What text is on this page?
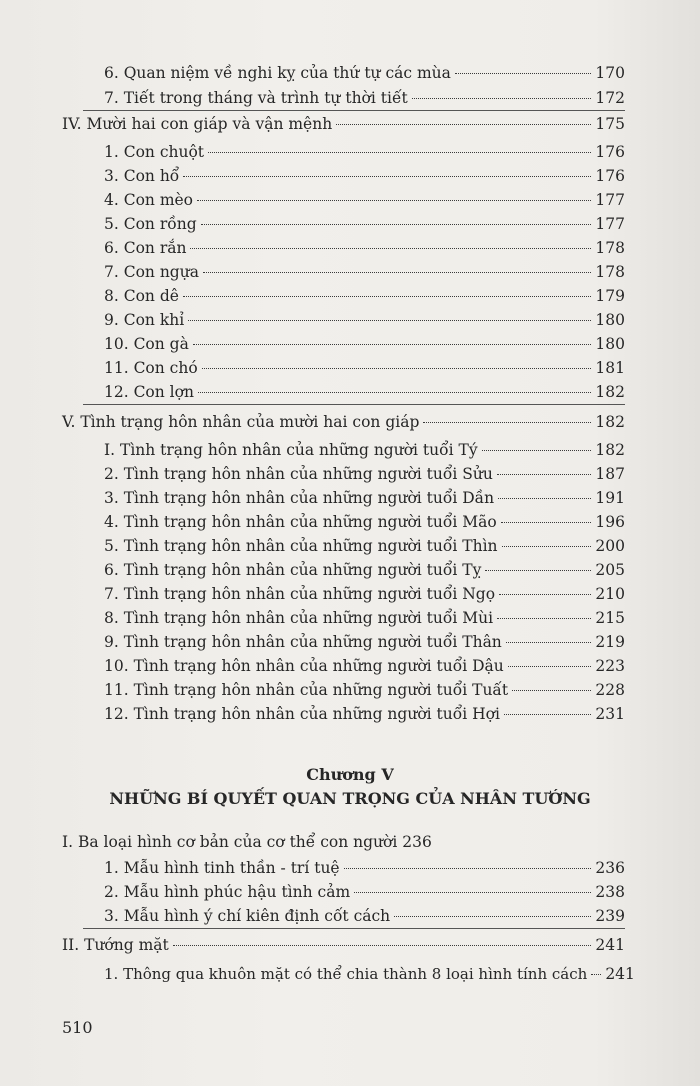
6. Quan niệm về nghi kỵ của thứ tự các mùa	170
7. Tiết trong tháng và trình tự thời tiết	172
IV. Mười hai con giáp và vận mệnh	175
1. Con chuột	176
3. Con hổ	176
4. Con mèo	177
5. Con rồng	177
6. Con rắn	178
7. Con ngựa	178
8. Con dê	179
9. Con khỉ	180
10. Con gà	180
11. Con chó	181
12. Con lợn	182
V. Tình trạng hôn nhân của mười hai con giáp	182
I. Tình trạng hôn nhân của những người tuổi Tý	182
2. Tình trạng hôn nhân của những người tuổi Sửu	187
3. Tình trạng hôn nhân của những người tuổi Dần	191
4. Tình trạng hôn nhân của những người tuổi Mão	196
5. Tình trạng hôn nhân của những người tuổi Thìn	200
6. Tình trạng hôn nhân của những người tuổi Tỵ	205
7. Tình trạng hôn nhân của những người tuổi Ngọ	210
8. Tình trạng hôn nhân của những người tuổi Mùi	215
9. Tình trạng hôn nhân của những người tuổi Thân	219
10. Tình trạng hôn nhân của những người tuổi Dậu	223
11. Tình trạng hôn nhân của những người tuổi Tuất	228
12. Tình trạng hôn nhân của những người tuổi Hợi	231
Chương V
NHỮNG BÍ QUYẾT QUAN TRỌNG CỦA NHÂN TƯỚNG
I. Ba loại hình cơ bản của cơ thể con người 236
1. Mẫu hình tinh thần - trí tuệ	236
2. Mẫu hình phúc hậu tình cảm	238
3. Mẫu hình ý chí kiên định cốt cách	239
II. Tướng mặt	241
1. Thông qua khuôn mặt có thể chia thành 8 loại hình tính cách 241
510
